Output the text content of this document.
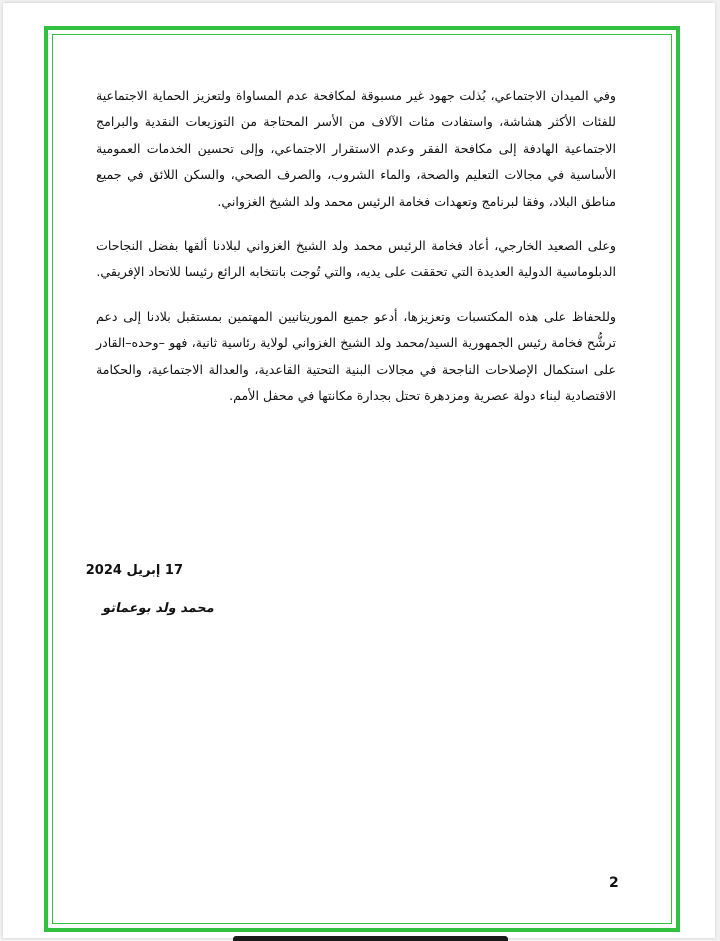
وفي الميدان الاجتماعي، بُذلت جهود غير مسبوقة لمكافحة عدم المساواة ولتعزيز الحماية الاجتماعية للفئات الأكثر هشاشة، واستفادت مئات الآلاف من الأسر المحتاجة من التوزيعات النقدية والبرامج الاجتماعية الهادفة إلى مكافحة الفقر وعدم الاستقرار الاجتماعي، وإلى تحسين الخدمات العمومية الأساسية في مجالات التعليم والصحة، والماء الشروب، والصرف الصحي، والسكن اللائق في جميع مناطق البلاد، وفقا لبرنامج وتعهدات فخامة الرئيس محمد ولد الشيخ الغزواني.

وعلى الصعيد الخارجي، أعاد فخامة الرئيس محمد ولد الشيخ الغزواني لبلادنا ألقها بفضل النجاحات الدبلوماسية الدولية العديدة التي تحققت على يديه، والتي تُوجت بانتخابه الرائع رئيسا للاتحاد الإفريقي.

وللحفاظ على هذه المكتسبات وتعزيزها، أدعو جميع الموريتانيين المهتمين بمستقبل بلادنا إلى دعم ترشُّح فخامة رئيس الجمهورية السيد/محمد ولد الشيخ الغزواني لولاية رئاسية ثانية، فهو –وحده–القادر على استكمال الإصلاحات الناجحة في مجالات البنية التحتية القاعدية، والعدالة الاجتماعية، والحكامة الاقتصادية لبناء دولة عصرية ومزدهرة تحتل بجدارة مكانتها في محفل الأمم.

17 إبريل 2024
محمد ولد بوعماتو
2
